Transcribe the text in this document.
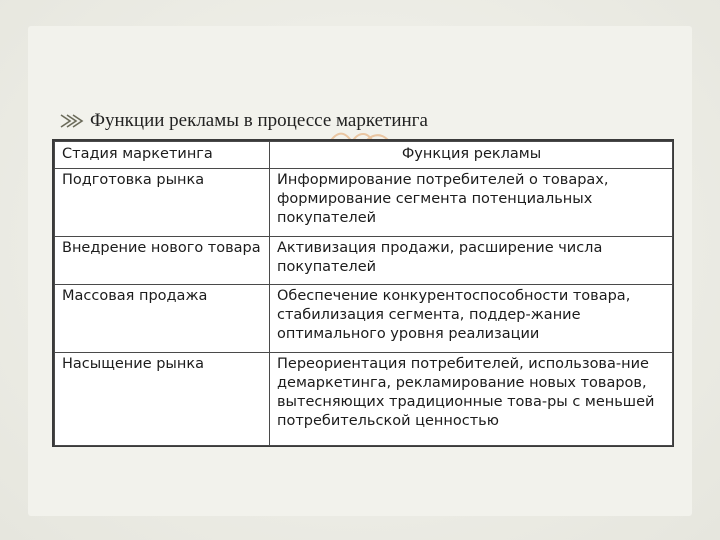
Функции рекламы в процессе маркетинга
Стадия маркетинга	Функция рекламы
Подготовка рынка	Информирование потребителей о товарах, формирование сегмента потенциальных покупателей
Внедрение нового товара	Активизация продажи, расширение числа покупателей
Массовая продажа	Обеспечение конкурентоспособности товара, стабилизация сегмента, поддер-жание оптимального уровня реализации
Насыщение рынка	Переориентация потребителей, использова-ние демаркетинга, рекламирование новых товаров, вытесняющих традиционные това-ры с меньшей потребительской ценностью
